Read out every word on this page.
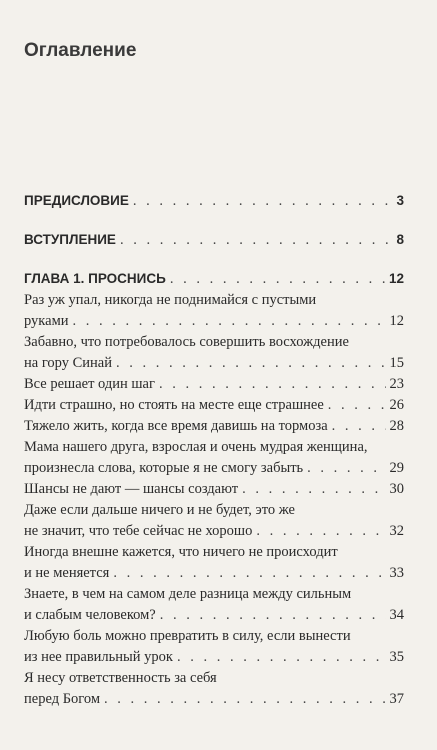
Оглавление
ПРЕДИСЛОВИЕ . . .	3
ВСТУПЛЕНИЕ . . .	8
ГЛАВА 1. ПРОСНИСЬ . . .	12
Раз уж упал, никогда не поднимайся с пустыми
руками . . .	12
Забавно, что потребовалось совершить восхождение
на гору Синай . . .	15
Все решает один шаг . . .	23
Идти страшно, но стоять на месте еще страшнее . . .	26
Тяжело жить, когда все время давишь на тормоза . . .	28
Мама нашего друга, взрослая и очень мудрая женщина,
произнесла слова, которые я не смогу забыть . . .	29
Шансы не дают — шансы создают . . .	30
Даже если дальше ничего и не будет, это же
не значит, что тебе сейчас не хорошо . . .	32
Иногда внешне кажется, что ничего не происходит
и не меняется . . .	33
Знаете, в чем на самом деле разница между сильным
и слабым человеком? . . .	34
Любую боль можно превратить в силу, если вынести
из нее правильный урок . . .	35
Я несу ответственность за себя
перед Богом . . .	37
